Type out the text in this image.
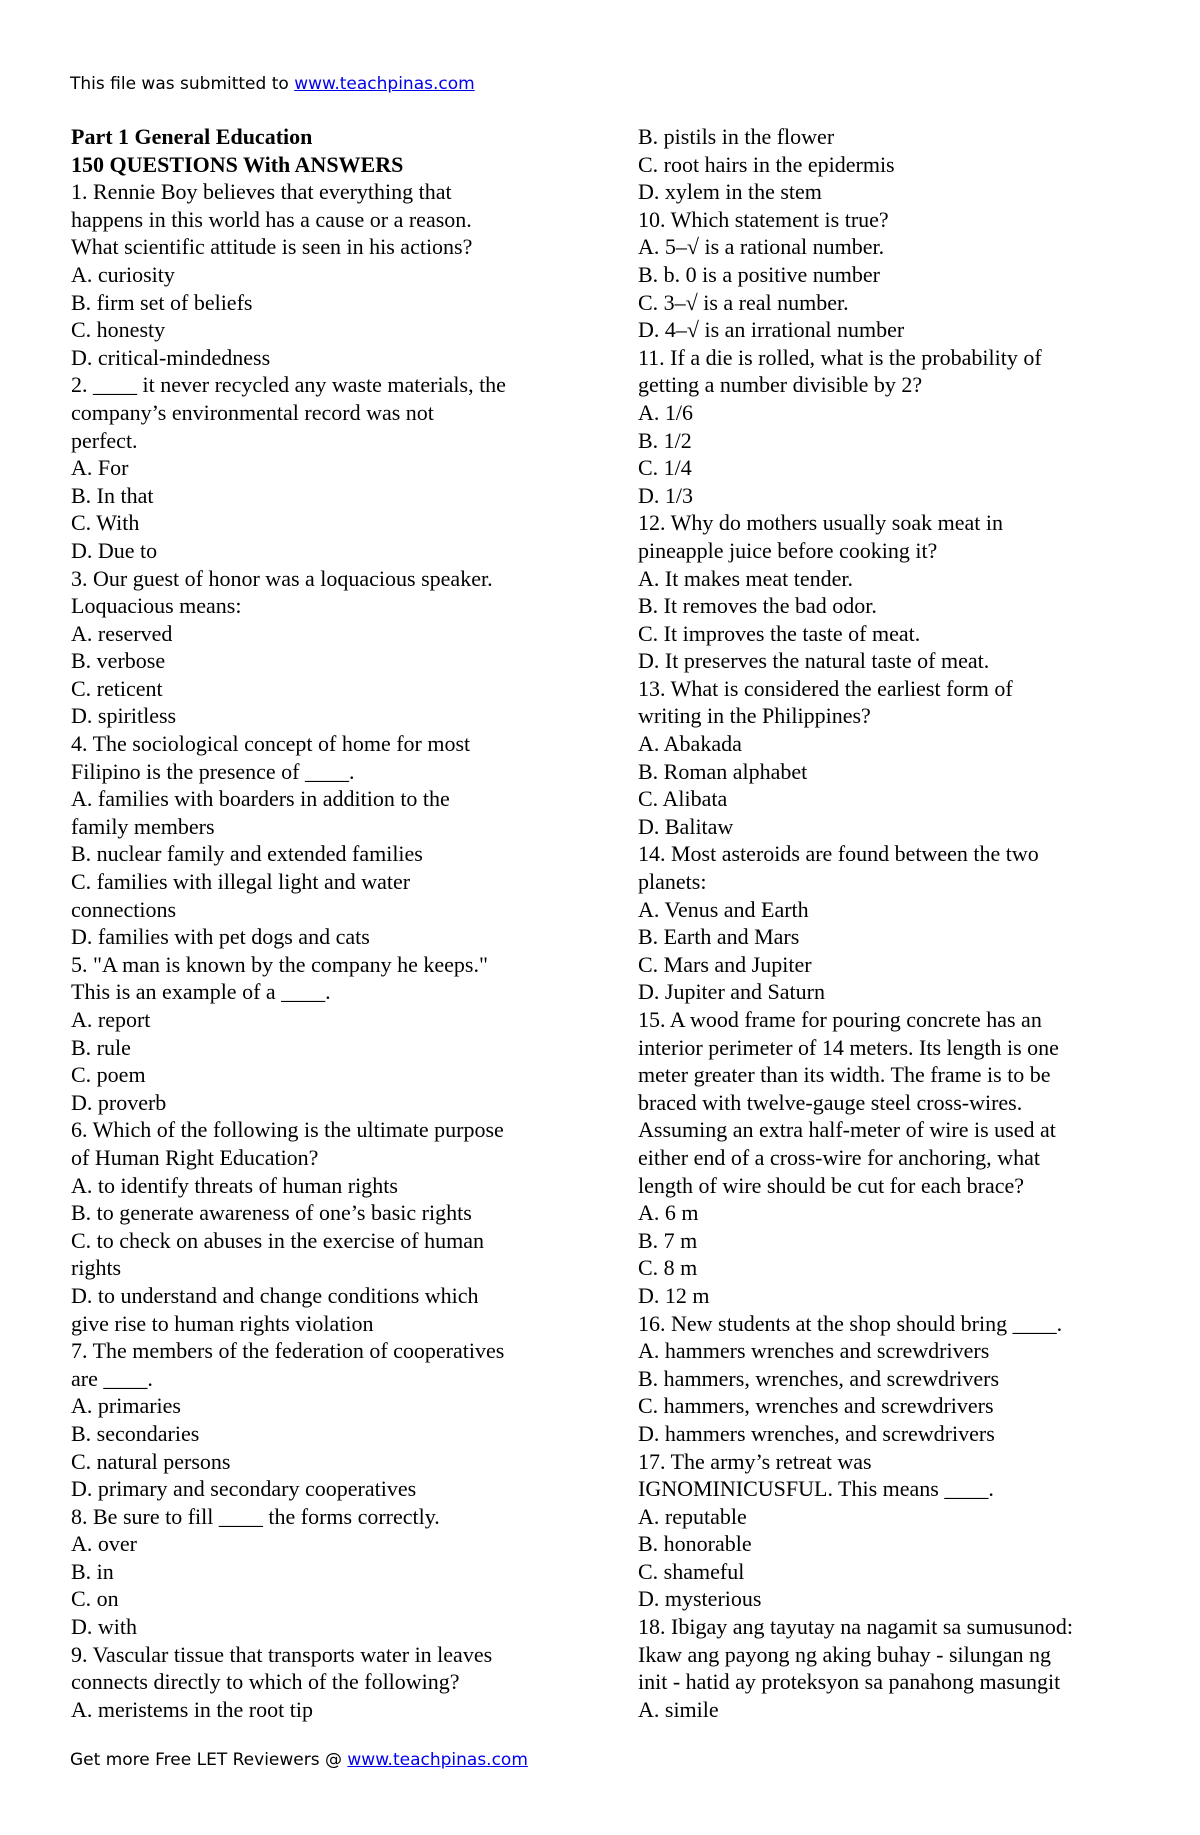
This file was submitted to www.teachpinas.com
Part 1 General Education
150 QUESTIONS With ANSWERS
1. Rennie Boy believes that everything that
happens in this world has a cause or a reason.
What scientific attitude is seen in his actions?
A. curiosity
B. firm set of beliefs
C. honesty
D. critical-mindedness
2. ____ it never recycled any waste materials, the
company’s environmental record was not
perfect.
A. For
B. In that
C. With
D. Due to
3. Our guest of honor was a loquacious speaker.
Loquacious means:
A. reserved
B. verbose
C. reticent
D. spiritless
4. The sociological concept of home for most
Filipino is the presence of ____.
A. families with boarders in addition to the
family members
B. nuclear family and extended families
C. families with illegal light and water
connections
D. families with pet dogs and cats
5. "A man is known by the company he keeps."
This is an example of a ____.
A. report
B. rule
C. poem
D. proverb
6. Which of the following is the ultimate purpose
of Human Right Education?
A. to identify threats of human rights
B. to generate awareness of one’s basic rights
C. to check on abuses in the exercise of human
rights
D. to understand and change conditions which
give rise to human rights violation
7. The members of the federation of cooperatives
are ____.
A. primaries
B. secondaries
C. natural persons
D. primary and secondary cooperatives
8. Be sure to fill ____ the forms correctly.
A. over
B. in
C. on
D. with
9. Vascular tissue that transports water in leaves
connects directly to which of the following?
A. meristems in the root tip
B. pistils in the flower
C. root hairs in the epidermis
D. xylem in the stem
10. Which statement is true?
A. 5–√ is a rational number.
B. b. 0 is a positive number
C. 3–√ is a real number.
D. 4–√ is an irrational number
11. If a die is rolled, what is the probability of
getting a number divisible by 2?
A. 1/6
B. 1/2
C. 1/4
D. 1/3
12. Why do mothers usually soak meat in
pineapple juice before cooking it?
A. It makes meat tender.
B. It removes the bad odor.
C. It improves the taste of meat.
D. It preserves the natural taste of meat.
13. What is considered the earliest form of
writing in the Philippines?
A. Abakada
B. Roman alphabet
C. Alibata
D. Balitaw
14. Most asteroids are found between the two
planets:
A. Venus and Earth
B. Earth and Mars
C. Mars and Jupiter
D. Jupiter and Saturn
15. A wood frame for pouring concrete has an
interior perimeter of 14 meters. Its length is one
meter greater than its width. The frame is to be
braced with twelve-gauge steel cross-wires.
Assuming an extra half-meter of wire is used at
either end of a cross-wire for anchoring, what
length of wire should be cut for each brace?
A. 6 m
B. 7 m
C. 8 m
D. 12 m
16. New students at the shop should bring ____.
A. hammers wrenches and screwdrivers
B. hammers, wrenches, and screwdrivers
C. hammers, wrenches and screwdrivers
D. hammers wrenches, and screwdrivers
17. The army’s retreat was
IGNOMINICUSFUL. This means ____.
A. reputable
B. honorable
C. shameful
D. mysterious
18. Ibigay ang tayutay na nagamit sa sumusunod:
Ikaw ang payong ng aking buhay - silungan ng
init - hatid ay proteksyon sa panahong masungit
A. simile
Get more Free LET Reviewers @ www.teachpinas.com
